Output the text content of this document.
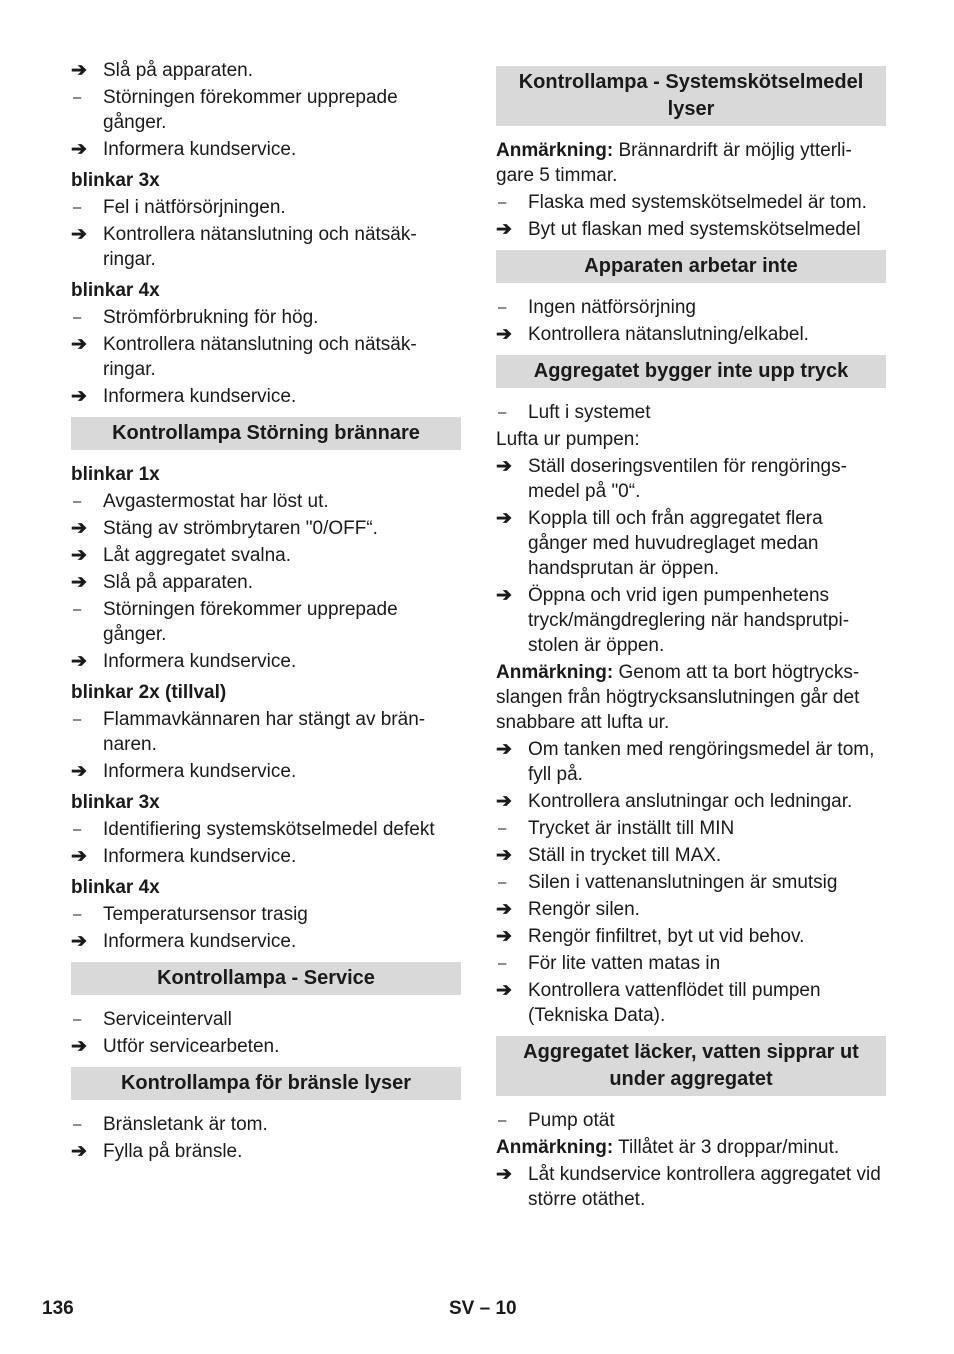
➔ Slå på apparaten.
–	Störningen förekommer upprepade gånger.
➔ Informera kundservice.
blinkar 3x
–	Fel i nätförsörjningen.
➔ Kontrollera nätanslutning och nätsäk-ringar.
blinkar 4x
–	Strömförbrukning för hög.
➔ Kontrollera nätanslutning och nätsäk-ringar.
➔ Informera kundservice.
Kontrollampa Störning brännare
blinkar 1x
–	Avgastermostat har löst ut.
➔ Stäng av strömbrytaren "0/OFF“.
➔ Låt aggregatet svalna.
➔ Slå på apparaten.
–	Störningen förekommer upprepade gånger.
➔ Informera kundservice.
blinkar 2x (tillval)
–	Flammavkännaren har stängt av brän-naren.
➔ Informera kundservice.
blinkar 3x
–	Identifiering systemskötselmedel defekt
➔ Informera kundservice.
blinkar 4x
–	Temperatursensor trasig
➔ Informera kundservice.
Kontrollampa - Service
–	Serviceintervall
➔ Utför servicearbeten.
Kontrollampa för bränsle lyser
–	Bränsletank är tom.
➔ Fylla på bränsle.
Kontrollampa - Systemskötselmedel lyser
Anmärkning: Brännardrift är möjlig ytterli-gare 5 timmar.
–	Flaska med systemskötselmedel är tom.
➔ Byt ut flaskan med systemskötselmedel
Apparaten arbetar inte
–	Ingen nätförsörjning
➔ Kontrollera nätanslutning/elkabel.
Aggregatet bygger inte upp tryck
–	Luft i systemet
Lufta ur pumpen:
➔ Ställ doseringsventilen för rengörings-medel på "0“.
➔ Koppla till och från aggregatet flera gånger med huvudreglaget medan handsprutan är öppen.
➔ Öppna och vrid igen pumpenhetens tryck/mängdreglering när handsprutpi-stolen är öppen.
Anmärkning: Genom att ta bort högtrycks-slangen från högtrycksanslutningen går det snabbare att lufta ur.
➔ Om tanken med rengöringsmedel är tom, fyll på.
➔ Kontrollera anslutningar och ledningar.
–	Trycket är inställt till MIN
➔ Ställ in trycket till MAX.
–	Silen i vattenanslutningen är smutsig
➔ Rengör silen.
➔ Rengör finfiltret, byt ut vid behov.
–	För lite vatten matas in
➔ Kontrollera vattenflödet till pumpen (Tekniska Data).
Aggregatet läcker, vatten sipprar ut under aggregatet
–	Pump otät
Anmärkning: Tillåtet är 3 droppar/minut.
➔ Låt kundservice kontrollera aggregatet vid större otäthet.
136	SV – 10
